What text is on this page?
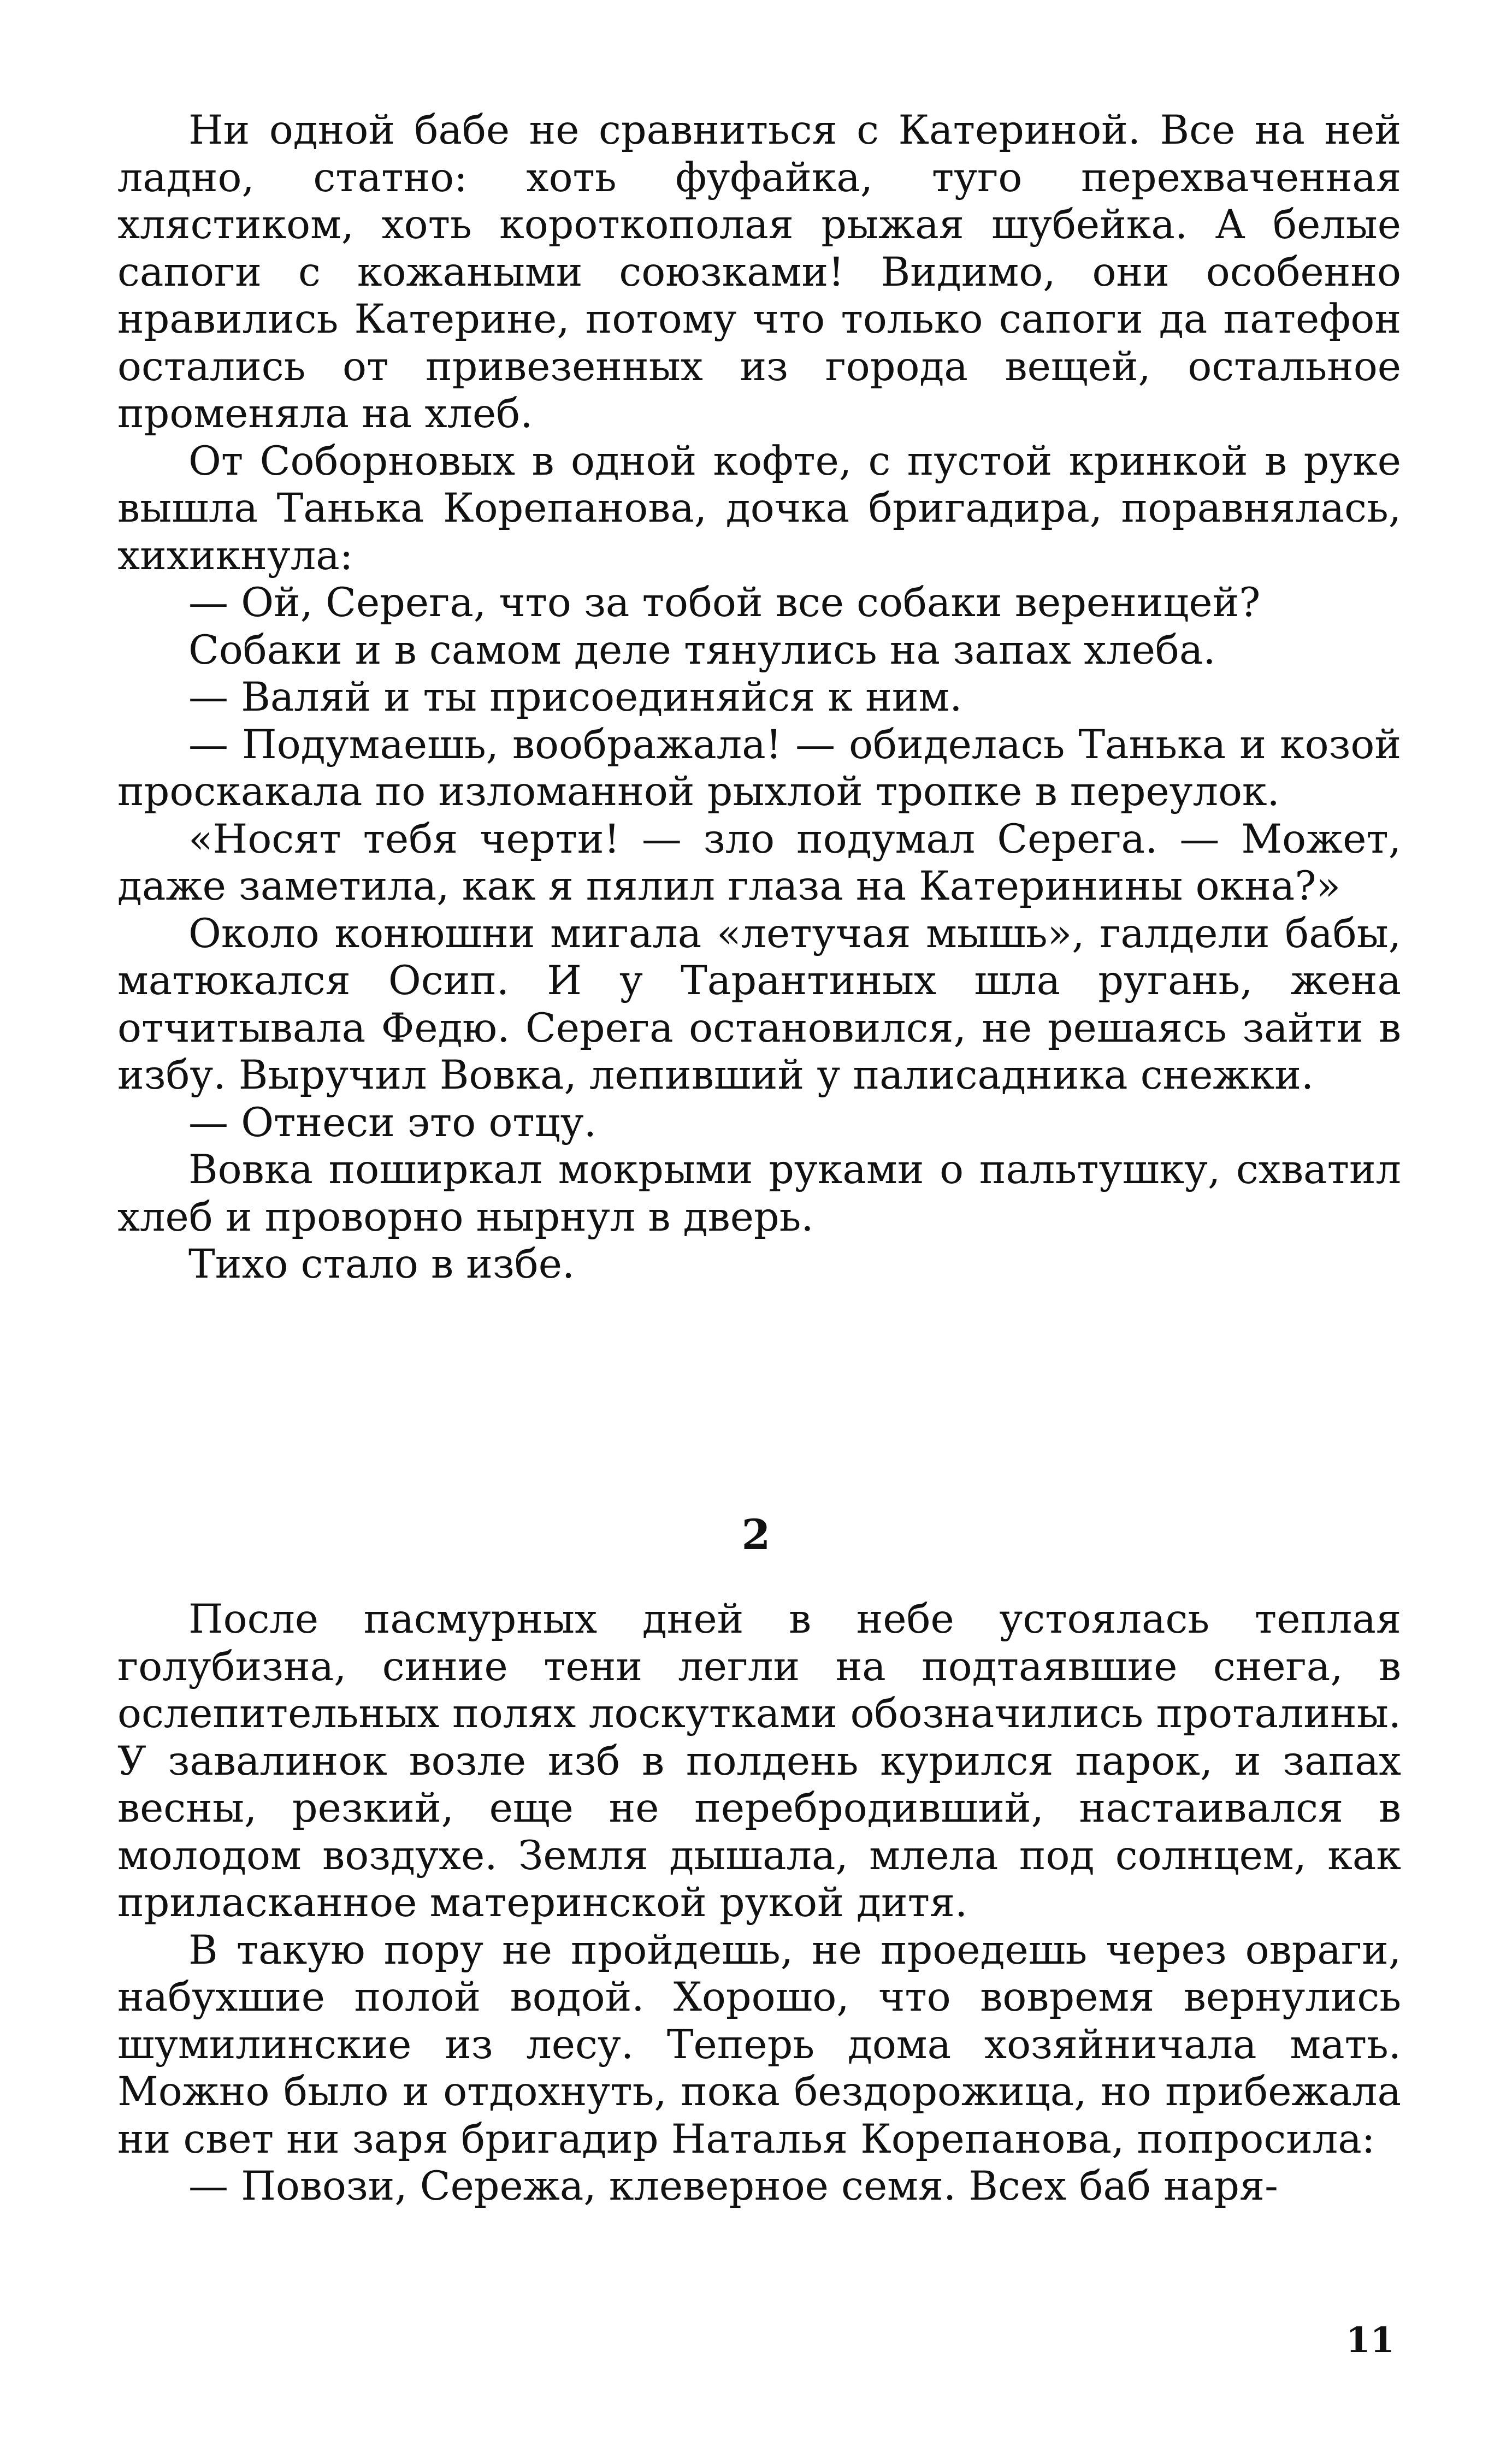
Ни одной бабе не сравниться с Катериной. Все на ней ладно, статно: хоть фуфайка, туго перехваченная хлястиком, хоть короткополая рыжая шубейка. А белые сапоги с кожаными союзками! Видимо, они особенно нравились Катерине, потому что только сапоги да патефон остались от привезенных из города вещей, остальное променяла на хлеб.

От Соборновых в одной кофте, с пустой кринкой в руке вышла Танька Корепанова, дочка бригадира, поравнялась, хихикнула:

— Ой, Серега, что за тобой все собаки вереницей?

Собаки и в самом деле тянулись на запах хлеба.

— Валяй и ты присоединяйся к ним.

— Подумаешь, воображала! — обиделась Танька и козой проскакала по изломанной рыхлой тропке в переулок.

«Носят тебя черти! — зло подумал Серега. — Может, даже заметила, как я пялил глаза на Катеринины окна?»

Около конюшни мигала «летучая мышь», галдели бабы, матюкался Осип. И у Тарантиных шла ругань, жена отчитывала Федю. Серега остановился, не решаясь зайти в избу. Выручил Вовка, лепивший у палисадника снежки.

— Отнеси это отцу.

Вовка поширкал мокрыми руками о пальтушку, схватил хлеб и проворно нырнул в дверь.

Тихо стало в избе.

2

После пасмурных дней в небе устоялась теплая голубизна, синие тени легли на подтаявшие снега, в ослепительных полях лоскутками обозначились проталины. У завалинок возле изб в полдень курился парок, и запах весны, резкий, еще не перебродивший, настаивался в молодом воздухе. Земля дышала, млела под солнцем, как приласканное материнской рукой дитя.

В такую пору не пройдешь, не проедешь через овраги, набухшие полой водой. Хорошо, что вовремя вернулись шумилинские из лесу. Теперь дома хозяйничала мать. Можно было и отдохнуть, пока бездорожица, но прибежала ни свет ни заря бригадир Наталья Корепанова, попросила:

— Повози, Сережа, клеверное семя. Всех баб наря-

11
